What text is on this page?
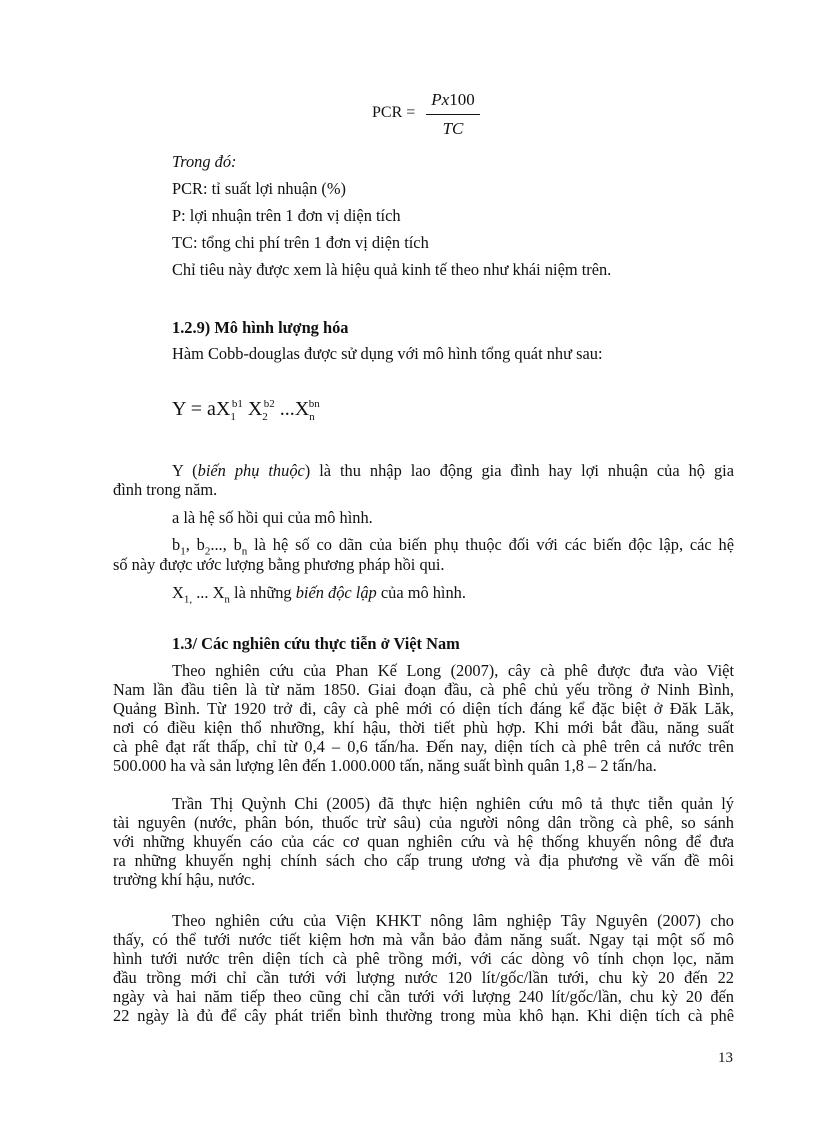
PCR =
Px100
TC
Trong đó:
PCR: tỉ suất lợi nhuận (%)
P: lợi nhuận trên 1 đơn vị diện tích
TC: tổng chi phí trên 1 đơn vị diện tích
Chỉ tiêu này được xem là hiệu quả kinh tế theo như khái niệm trên.
1.2.9) Mô hình lượng hóa
Hàm Cobb-douglas được sử dụng với mô hình tổng quát như sau:
$Y = aX_1^{b1}$ $X_2^{b2}$ $...X_n^{bn}$
Y (biến phụ thuộc) là thu nhập lao động gia đình hay lợi nhuận của hộ gia
đình trong năm.
a là hệ số hồi qui của mô hình.
$b_1$, $b_2$..., $b_n$ là hệ số co dãn của biến phụ thuộc đối với các biến độc lập, các hệ
số này được ước lượng bằng phương pháp hồi qui.
$X_{1,}$ ... $X_n$ là những biến độc lập của mô hình.
1.3/ Các nghiên cứu thực tiễn ở Việt Nam
Theo nghiên cứu của Phan Kế Long (2007), cây cà phê được đưa vào Việt
Nam lần đầu tiên là từ năm 1850. Giai đoạn đầu, cà phê chủ yếu trồng ở Ninh Bình,
Quảng Bình. Từ 1920 trở đi, cây cà phê mới có diện tích đáng kể đặc biệt ở Đăk Lăk,
nơi có điều kiện thổ nhưỡng, khí hậu, thời tiết phù hợp. Khi mới bắt đầu, năng suất
cà phê đạt rất thấp, chỉ từ 0,4 – 0,6 tấn/ha. Đến nay, diện tích cà phê trên cả nước trên
500.000 ha và sản lượng lên đến 1.000.000 tấn, năng suất bình quân 1,8 – 2 tấn/ha.
Trần Thị Quỳnh Chi (2005) đã thực hiện nghiên cứu mô tả thực tiễn quản lý
tài nguyên (nước, phân bón, thuốc trừ sâu) của người nông dân trồng cà phê, so sánh
với những khuyến cáo của các cơ quan nghiên cứu và hệ thống khuyến nông để đưa
ra những khuyến nghị chính sách cho cấp trung ương và địa phương về vấn đề môi
trường khí hậu, nước.
Theo nghiên cứu của Viện KHKT nông lâm nghiệp Tây Nguyên (2007) cho
thấy, có thể tưới nước tiết kiệm hơn mà vẫn bảo đảm năng suất. Ngay tại một số mô
hình tưới nước trên diện tích cà phê trồng mới, với các dòng vô tính chọn lọc, năm
đầu trồng mới chỉ cần tưới với lượng nước 120 lít/gốc/lần tưới, chu kỳ 20 đến 22
ngày và hai năm tiếp theo cũng chỉ cần tưới với lượng 240 lít/gốc/lần, chu kỳ 20 đến
22 ngày là đủ để cây phát triển bình thường trong mùa khô hạn. Khi diện tích cà phê
13
